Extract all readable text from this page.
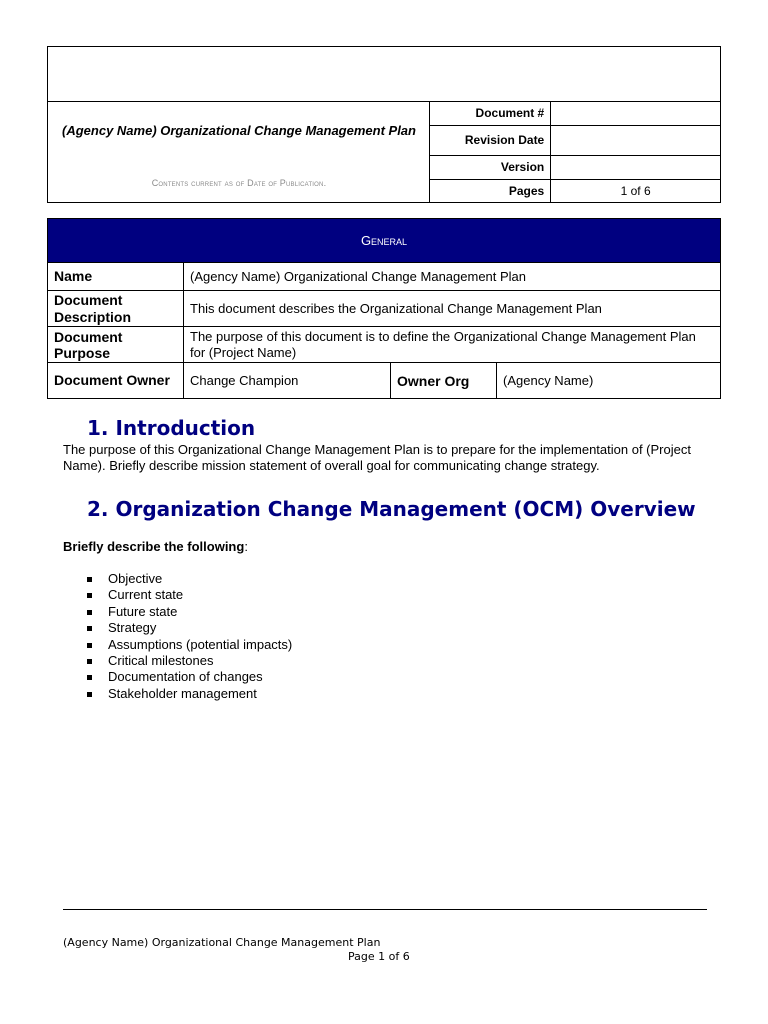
(Agency Name) Organizational Change Management Plan
Contents current as of Date of Publication.
Document #	
Revision Date	
Version	
Pages	1 of 6
General			
Name	(Agency Name) Organizational Change Management Plan		
Document Description	This document describes the Organizational Change Management Plan		
Document Purpose	The purpose of this document is to define the Organizational Change Management Plan for (Project Name)		
Document Owner	Change Champion	Owner Org	(Agency Name)
1. Introduction
The purpose of this Organizational Change Management Plan is to prepare for the implementation of (Project Name). Briefly describe mission statement of overall goal for communicating change strategy.
2. Organization Change Management (OCM) Overview
Briefly describe the following:
Objective
Current state
Future state
Strategy
Assumptions (potential impacts)
Critical milestones
Documentation of changes
Stakeholder management
(Agency Name) Organizational Change Management Plan
Page 1 of 6
